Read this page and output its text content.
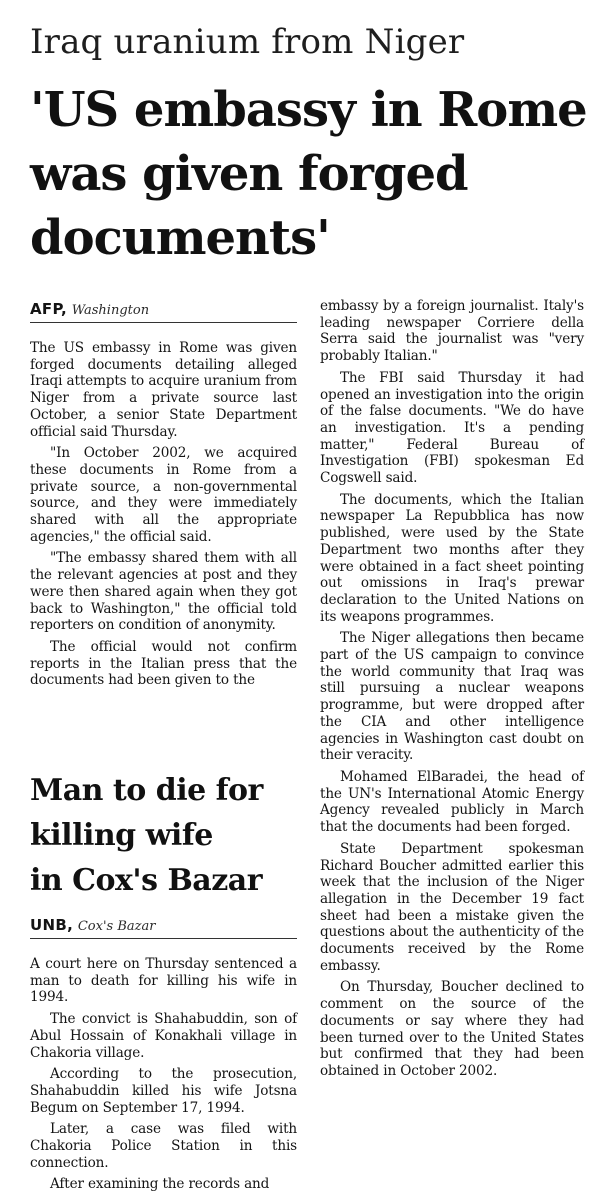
Iraq uranium from Niger
'US embassy in Rome
was given forged
documents'
AFP, Washington

The US embassy in Rome was given forged documents detailing alleged Iraqi attempts to acquire uranium from Niger from a private source last October, a senior State Department official said Thursday.

"In October 2002, we acquired these documents in Rome from a private source, a non-governmental source, and they were immediately shared with all the appropriate agencies," the official said.

"The embassy shared them with all the relevant agencies at post and they were then shared again when they got back to Washington," the official told reporters on condition of anonymity.

The official would not confirm reports in the Italian press that the documents had been given to the

embassy by a foreign journalist. Italy's leading newspaper Corriere della Serra said the journalist was "very probably Italian."

The FBI said Thursday it had opened an investigation into the origin of the false documents. "We do have an investigation. It's a pending matter," Federal Bureau of Investigation (FBI) spokesman Ed Cogswell said.

The documents, which the Italian newspaper La Repubblica has now published, were used by the State Department two months after they were obtained in a fact sheet pointing out omissions in Iraq's prewar declaration to the United Nations on its weapons programmes.

The Niger allegations then became part of the US campaign to convince the world community that Iraq was still pursuing a nuclear weapons programme, but were dropped after the CIA and other intelligence agencies in Washington cast doubt on their veracity.

Mohamed ElBaradei, the head of the UN's International Atomic Energy Agency revealed publicly in March that the documents had been forged.

State Department spokesman Richard Boucher admitted earlier this week that the inclusion of the Niger allegation in the December 19 fact sheet had been a mistake given the questions about the authenticity of the documents received by the Rome embassy.

On Thursday, Boucher declined to comment on the source of the documents or say where they had been turned over to the United States but confirmed that they had been obtained in October 2002.

Man to die for
killing wife
in Cox's Bazar
UNB, Cox's Bazar

A court here on Thursday sentenced a man to death for killing his wife in 1994.

The convict is Shahabuddin, son of Abul Hossain of Konakhali village in Chakoria village.

According to the prosecution, Shahabuddin killed his wife Jotsna Begum on September 17, 1994.

Later, a case was filed with Chakoria Police Station in this connection.

After examining the records and
